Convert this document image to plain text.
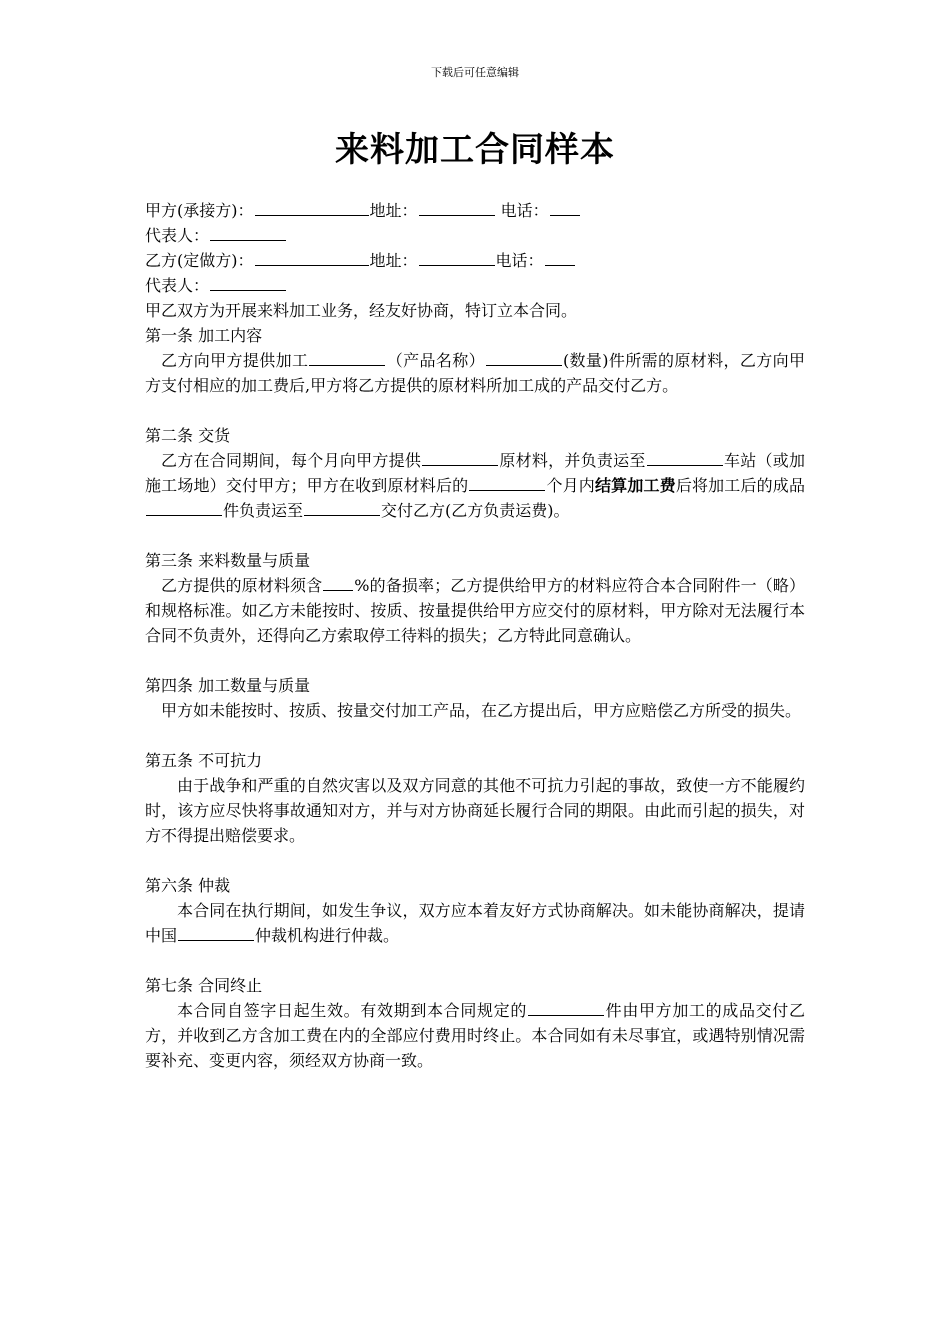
下载后可任意编辑
来料加工合同样本
甲方(承接方)：	地址：	电话：
代表人：
乙方(定做方)：	地址：	电话：
代表人：
甲乙双方为开展来料加工业务，经友好协商，特订立本合同。
第一条 加工内容
乙方向甲方提供加工	（产品名称）	(数量)件所需的原材料，乙方向甲方支付相应的加工费后,甲方将乙方提供的原材料所加工成的产品交付乙方。
第二条 交货
乙方在合同期间，每个月向甲方提供	原材料，并负责运至	车站（或加施工场地）交付甲方；甲方在收到原材料后的	个月内结算加工费后将加工后的成品件负责运至	交付乙方(乙方负责运费)。
第三条 来料数量与质量
乙方提供的原材料须含 %的备损率；乙方提供给甲方的材料应符合本合同附件一（略） 和规格标准。如乙方未能按时、按质、按量提供给甲方应交付的原材料，甲方除对无法履行本合同不负责外，还得向乙方索取停工待料的损失；乙方特此同意确认。
第四条 加工数量与质量
甲方如未能按时、按质、按量交付加工产品，在乙方提出后，甲方应赔偿乙方所受的损失。
第五条 不可抗力
由于战争和严重的自然灾害以及双方同意的其他不可抗力引起的事故，致使一方不能履约时，该方应尽快将事故通知对方，并与对方协商延长履行合同的期限。由此而引起的损失，对方不得提出赔偿要求。
第六条 仲裁
本合同在执行期间，如发生争议，双方应本着友好方式协商解决。如未能协商解决，提请中国	仲裁机构进行仲裁。
第七条 合同终止
本合同自签字日起生效。有效期到本合同规定的	件由甲方加工的成品交付乙方，并收到乙方含加工费在内的全部应付费用时终止。本合同如有未尽事宜，或遇特别情况需要补充、变更内容，须经双方协商一致。
